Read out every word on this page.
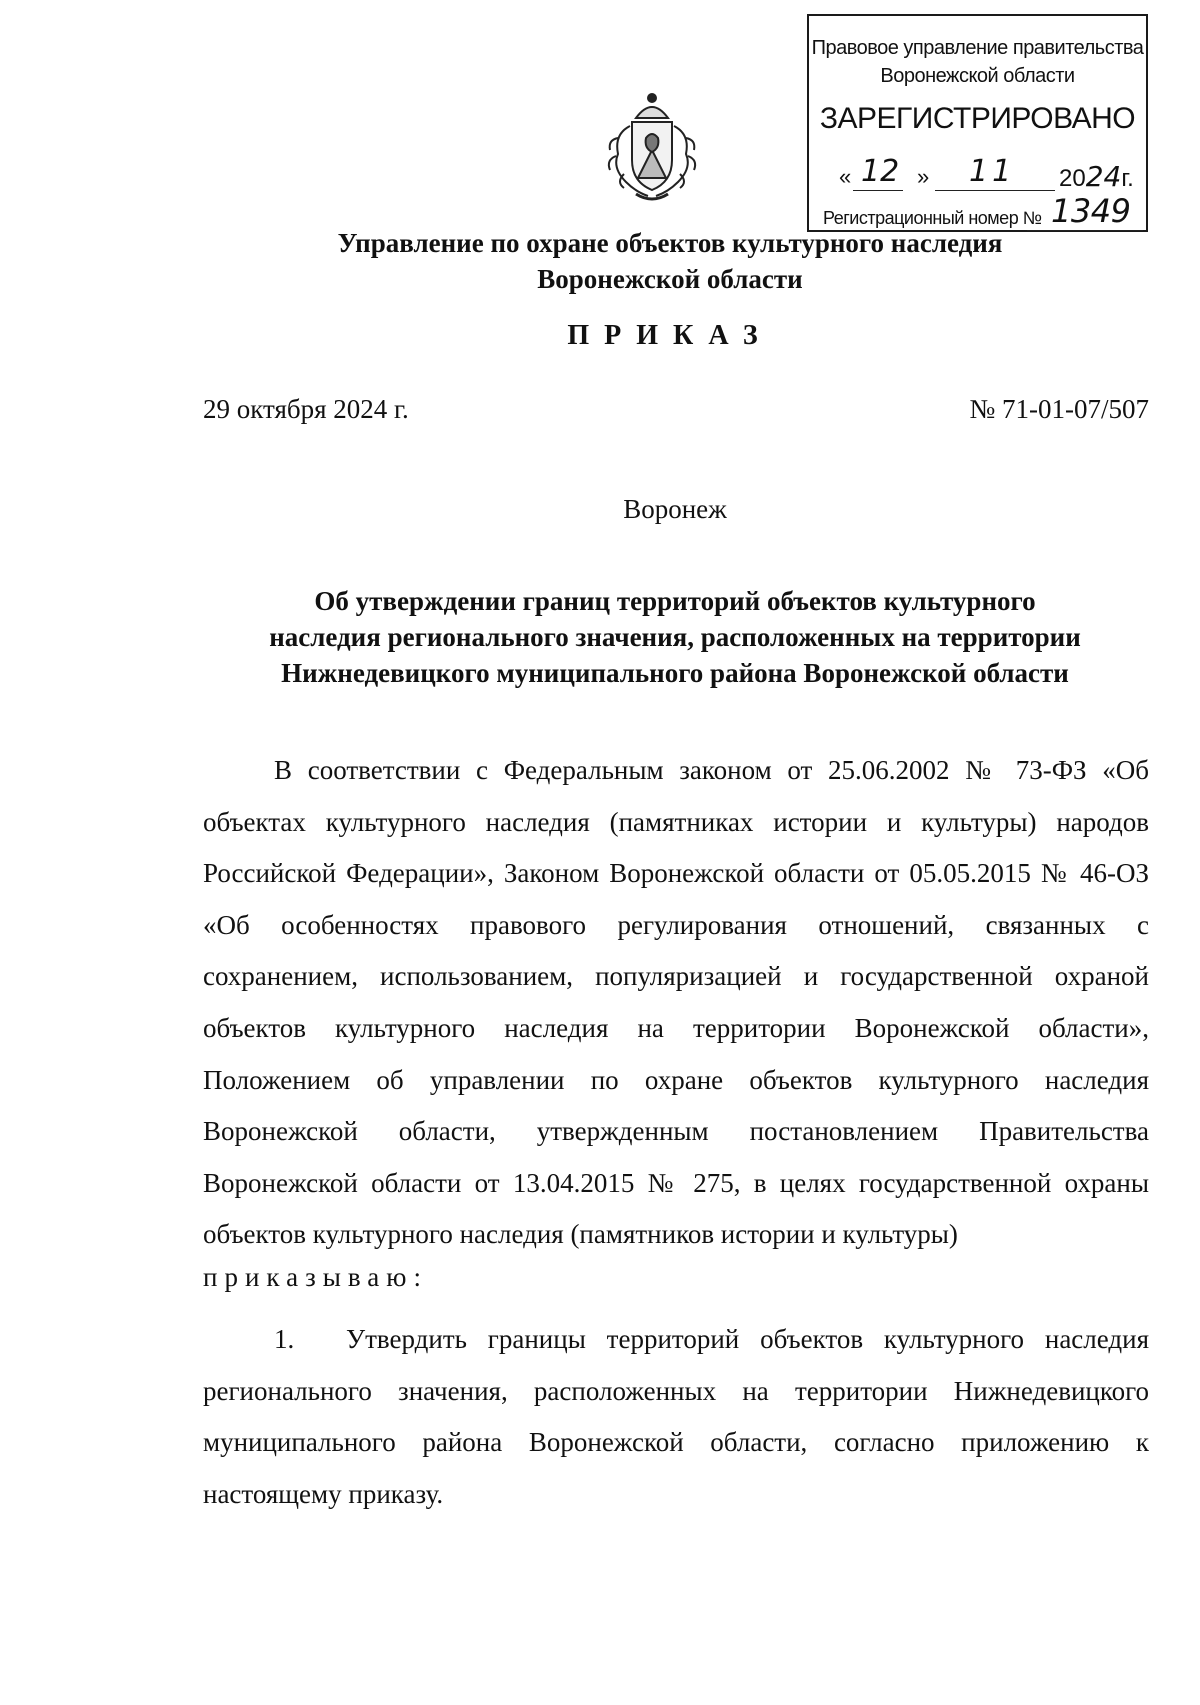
Правовое управление правительства
Воронежской области
ЗАРЕГИСТРИРОВАНО
« 12 » 11 2024г.
Регистрационный номер № 1349
Управление по охране объектов культурного наследия
Воронежской области
ПРИКАЗ
29 октября 2024 г.	№ 71-01-07/507
Воронеж
Об утверждении границ территорий объектов культурного
наследия регионального значения, расположенных на территории
Нижнедевицкого муниципального района Воронежской области

В соответствии с Федеральным законом от 25.06.2002 № 73-ФЗ «Об объектах культурного наследия (памятниках истории и культуры) народов Российской Федерации», Законом Воронежской области от 05.05.2015 № 46-ОЗ «Об особенностях правового регулирования отношений, связанных с сохранением, использованием, популяризацией и государственной охраной объектов культурного наследия на территории Воронежской области», Положением об управлении по охране объектов культурного наследия Воронежской области, утвержденным постановлением Правительства Воронежской области от 13.04.2015 № 275, в целях государственной охраны объектов культурного наследия (памятников истории и культуры)

приказываю:

1. Утвердить границы территорий объектов культурного наследия регионального значения, расположенных на территории Нижнедевицкого муниципального района Воронежской области, согласно приложению к настоящему приказу.
